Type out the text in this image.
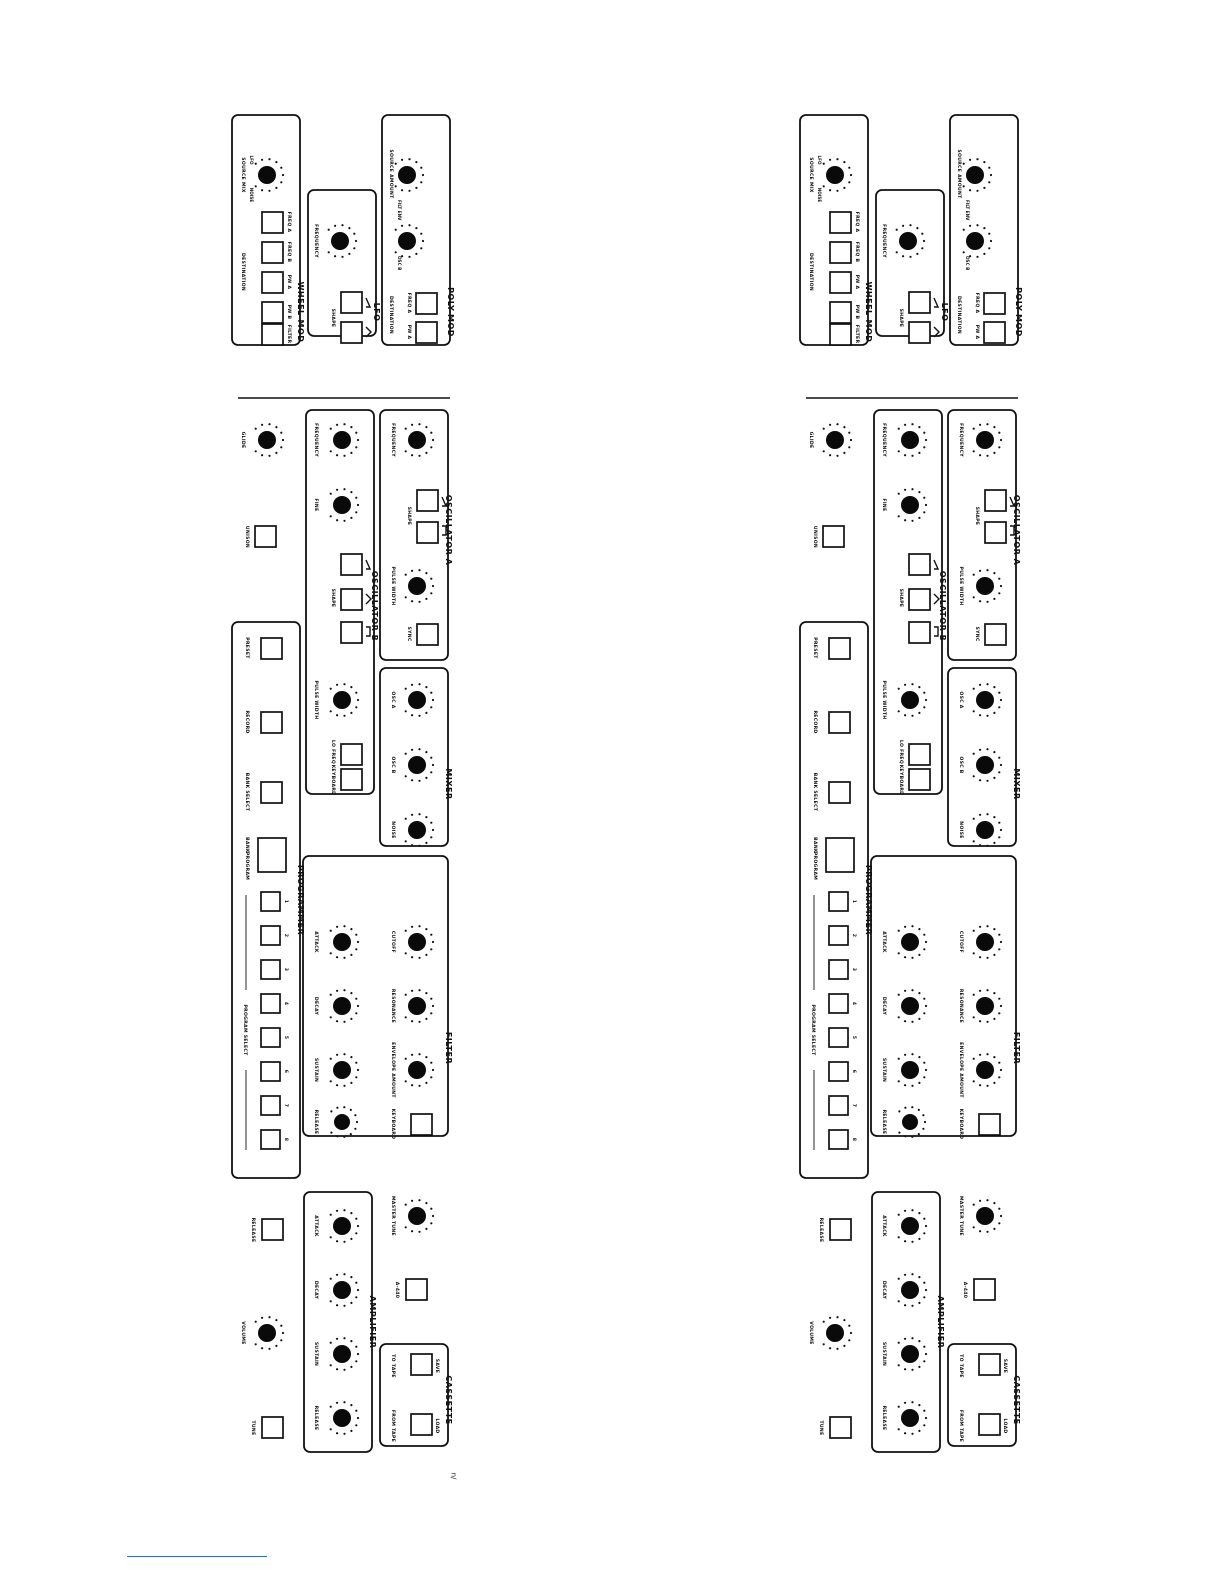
POLY-MOD
SOURCE AMOUNT
FILT ENV
OSC B
FREQ A
PW A
DESTINATION
OSCILLATOR A
FREQUENCY
SHAPE
PULSE WIDTH
SYNC
MIXER
OSC A
OSC B
NOISE
FILTER
CUTOFF
RESONANCE
ENVELOPE AMOUNT
KEYBOARD
ATTACK
DECAY
SUSTAIN
RELEASE
MASTER TUNE
A-440
CASSETTE
SAVE
TO TAPE
LOAD
FROM TAPE
AMPLIFIER
ATTACK
DECAY
SUSTAIN
RELEASE
LFO
FREQUENCY
SHAPE
OSCILLATOR B
FREQUENCY
FINE
SHAPE
PULSE WIDTH
LO FREQ
KEYBOARD
WHEEL-MOD
SOURCE MIX LFO
NOISE
FREQ A
FREQ B
PW A
PW B
FILTER
DESTINATION
GLIDE
UNISON
PROGRAMMER
PRESET
RECORD
BANK SELECT
BANK
PROGRAM
1
2
3
4
5
6
7
8
PROGRAM SELECT
RELEASE
VOLUME
TUNE
POLY-MOD
SOURCE AMOUNT
FILT ENV
OSC B
FREQ A
PW A
DESTINATION
OSCILLATOR A
FREQUENCY
SHAPE
PULSE WIDTH
SYNC
MIXER
OSC A
OSC B
NOISE
FILTER
CUTOFF
RESONANCE
ENVELOPE AMOUNT
KEYBOARD
ATTACK
DECAY
SUSTAIN
RELEASE
MASTER TUNE
A-440
CASSETTE
SAVE
TO TAPE
LOAD
FROM TAPE
AMPLIFIER
ATTACK
DECAY
SUSTAIN
RELEASE
LFO
FREQUENCY
SHAPE
OSCILLATOR B
FREQUENCY
FINE
SHAPE
PULSE WIDTH
LO FREQ
KEYBOARD
WHEEL-MOD
SOURCE MIX LFO
NOISE
FREQ A
FREQ B
PW A
PW B
FILTER
DESTINATION
GLIDE
UNISON
PROGRAMMER
PRESET
RECORD
BANK SELECT
BANK
PROGRAM
1
2
3
4
5
6
7
8
PROGRAM SELECT
RELEASE
VOLUME
TUNE
n/
